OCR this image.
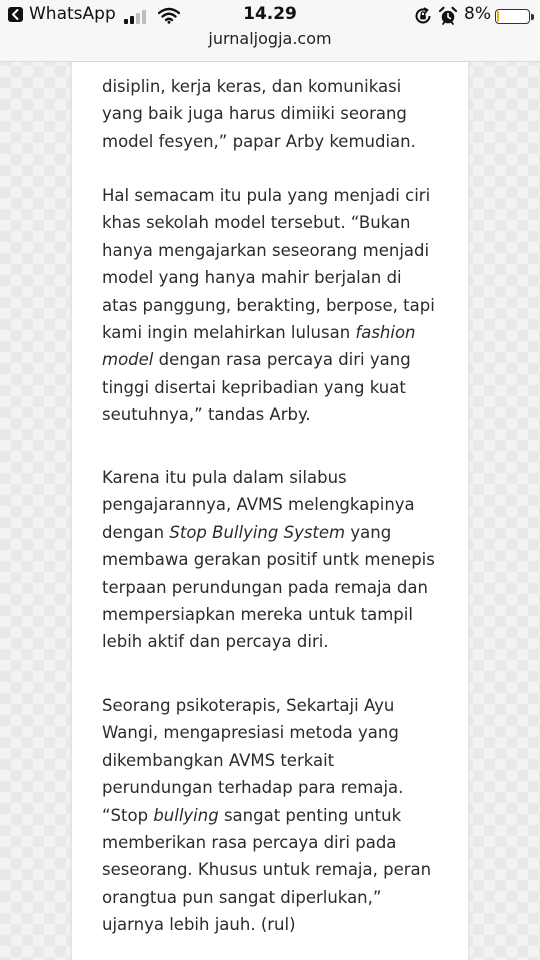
WhatsApp	14.29	8%
jurnaljogja.com

disiplin, kerja keras, dan komunikasi
yang baik juga harus dimiiki seorang
model fesyen,” papar Arby kemudian.
Hal semacam itu pula yang menjadi ciri
khas sekolah model tersebut. “Bukan
hanya mengajarkan seseorang menjadi
model yang hanya mahir berjalan di
atas panggung, berakting, berpose, tapi
kami ingin melahirkan lulusan fashion
model dengan rasa percaya diri yang
tinggi disertai kepribadian yang kuat
seutuhnya,” tandas Arby.
Karena itu pula dalam silabus
pengajarannya, AVMS melengkapinya
dengan Stop Bullying System yang
membawa gerakan positif untk menepis
terpaan perundungan pada remaja dan
mempersiapkan mereka untuk tampil
lebih aktif dan percaya diri.
Seorang psikoterapis, Sekartaji Ayu
Wangi, mengapresiasi metoda yang
dikembangkan AVMS terkait
perundungan terhadap para remaja.
“Stop bullying sangat penting untuk
memberikan rasa percaya diri pada
seseorang. Khusus untuk remaja, peran
orangtua pun sangat diperlukan,”
ujarnya lebih jauh. (rul)
